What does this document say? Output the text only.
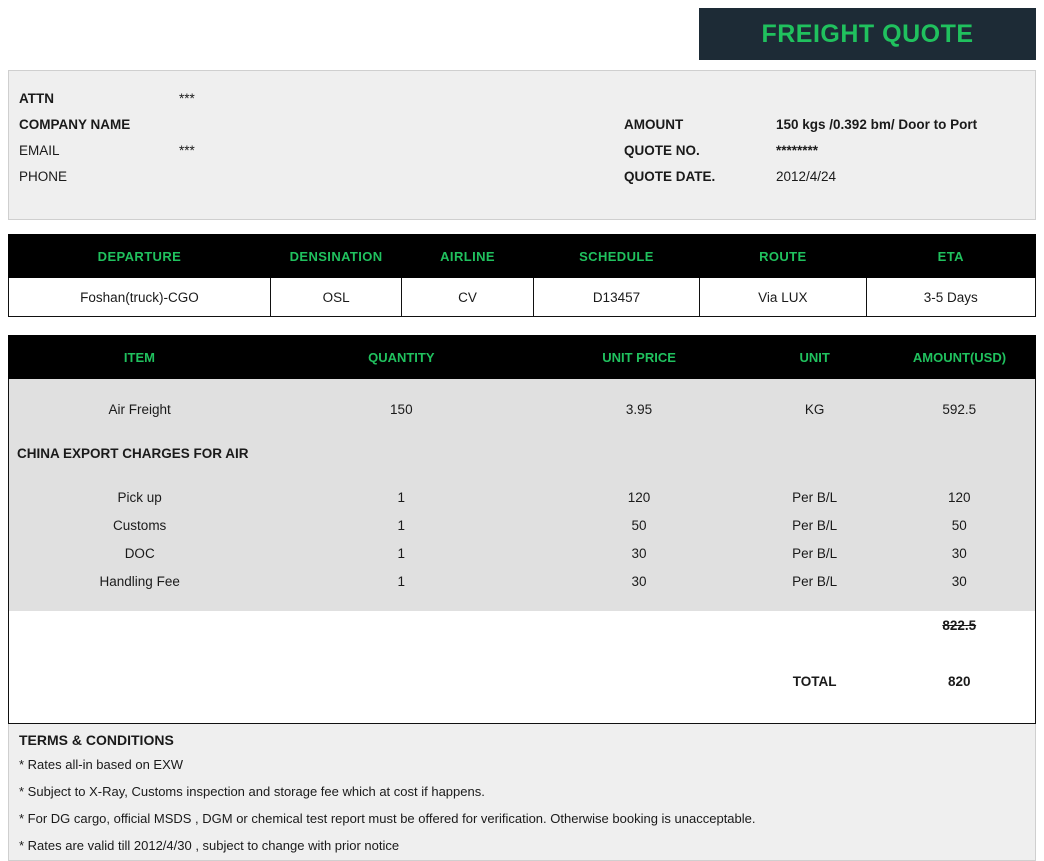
FREIGHT QUOTE
ATTN	***
COMPANY NAME
EMAIL	***
PHONE
AMOUNT	150 kgs /0.392 bm/ Door to Port
QUOTE NO.	********
QUOTE DATE.	2012/4/24
DEPARTURE	DENSINATION	AIRLINE	SCHEDULE	ROUTE	ETA
Foshan(truck)-CGO	OSL	CV	D13457	Via LUX	3-5 Days
ITEM	QUANTITY	UNIT PRICE	UNIT	AMOUNT(USD)

Air Freight	150	3.95	KG	592.5

CHINA EXPORT CHARGES FOR AIR				

Pick up	1	120	Per B/L	120
Customs	1	50	Per B/L	50
DOC	1	30	Per B/L	30
Handling Fee	1	30	Per B/L	30

				822.5

			TOTAL	820

TERMS & CONDITIONS
* Rates all-in based on EXW
* Subject to X-Ray, Customs inspection and storage fee which at cost if happens.
* For DG cargo, official MSDS , DGM or chemical test report must be offered for verification. Otherwise booking is unacceptable.
* Rates are valid till 2012/4/30 , subject to change with prior notice
